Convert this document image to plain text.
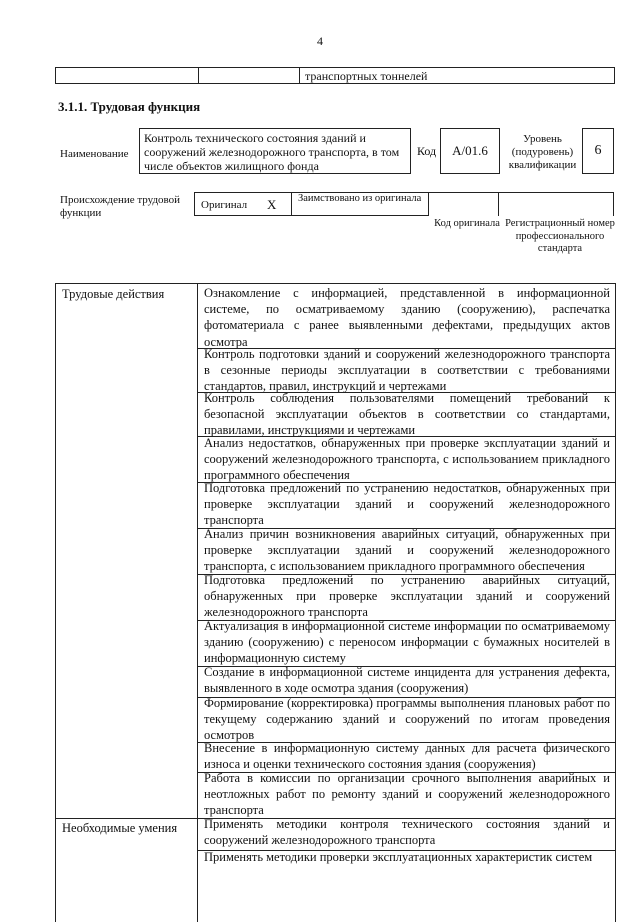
4
транспортных тоннелей
3.1.1. Трудовая функция
Наименование
Контроль технического состояния зданий и сооружений железнодорожного транспорта, в том числе объектов жилищного фонда
Код	A/01.6
Уровень (подуровень) квалификации
6
Происхождение трудовой функции
Оригинал X Заимствовано из оригинала
Код оригинала Регистрационный номер профессионального стандарта
Трудовые действия	Ознакомление с информацией, представленной в информационной системе, по осматриваемому зданию (сооружению), распечатка фотоматериала с ранее выявленными дефектами, предыдущих актов осмотра
Контроль подготовки зданий и сооружений железнодорожного транспорта в сезонные периоды эксплуатации в соответствии с требованиями стандартов, правил, инструкций и чертежами
Контроль соблюдения пользователями помещений требований к безопасной эксплуатации объектов в соответствии со стандартами, правилами, инструкциями и чертежами
Анализ недостатков, обнаруженных при проверке эксплуатации зданий и сооружений железнодорожного транспорта, с использованием прикладного программного обеспечения
Подготовка предложений по устранению недостатков, обнаруженных при проверке эксплуатации зданий и сооружений железнодорожного транспорта
Анализ причин возникновения аварийных ситуаций, обнаруженных при проверке эксплуатации зданий и сооружений железнодорожного транспорта, с использованием прикладного программного обеспечения
Подготовка предложений по устранению аварийных ситуаций, обнаруженных при проверке эксплуатации зданий и сооружений железнодорожного транспорта
Актуализация в информационной системе информации по осматриваемому зданию (сооружению) с переносом информации с бумажных носителей в информационную систему
Создание в информационной системе инцидента для устранения дефекта, выявленного в ходе осмотра здания (сооружения)
Формирование (корректировка) программы выполнения плановых работ по текущему содержанию зданий и сооружений по итогам проведения осмотров
Внесение в информационную систему данных для расчета физического износа и оценки технического состояния здания (сооружения)
Работа в комиссии по организации срочного выполнения аварийных и неотложных работ по ремонту зданий и сооружений железнодорожного транспорта
Необходимые умения Применять методики контроля технического состояния зданий и сооружений железнодорожного транспорта
Применять методики проверки эксплуатационных характеристик систем
